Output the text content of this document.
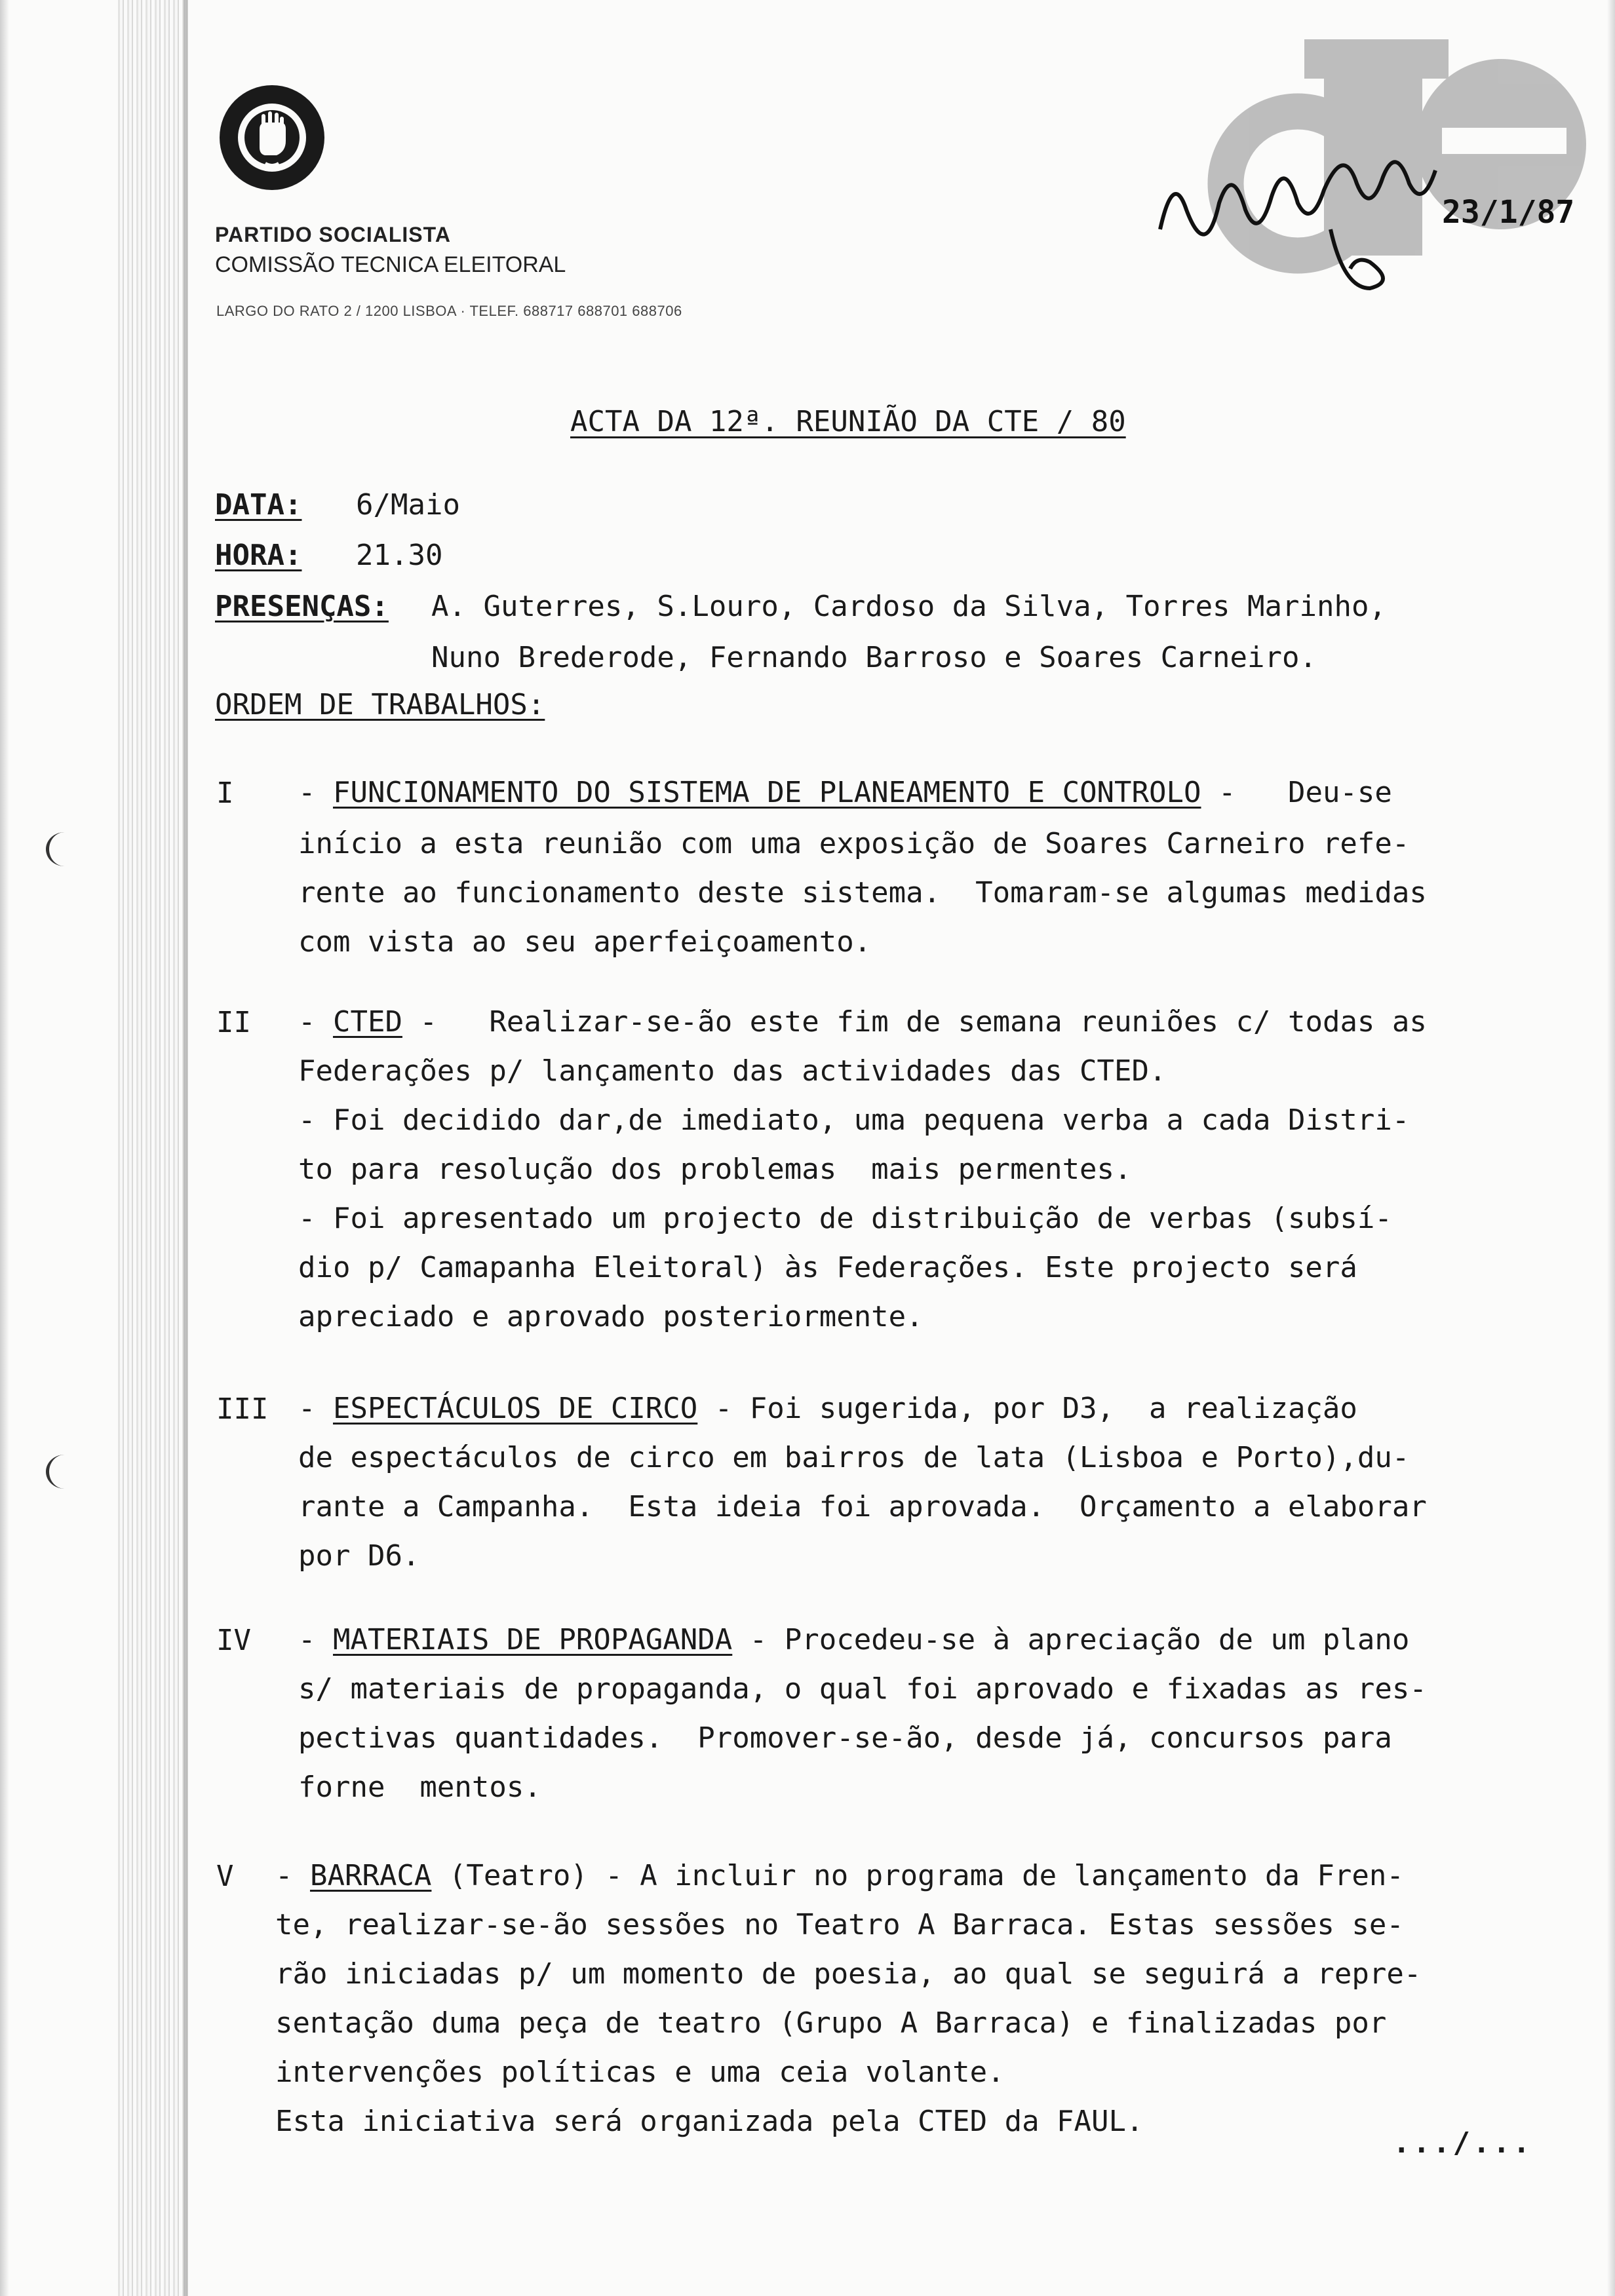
PARTIDO SOCIALISTA
COMISSÃO TECNICA ELEITORAL
LARGO DO RATO 2 / 1200 LISBOA · TELEF. 688717 688701 688706
23/1/87
ACTA DA 12ª. REUNIÃO DA CTE / 80
DATA: 6/Maio
HORA: 21.30
PRESENÇAS: A. Guterres, S.Louro, Cardoso da Silva, Torres Marinho,
Nuno Brederode, Fernando Barroso e Soares Carneiro.
ORDEM DE TRABALHOS:
I - FUNCIONAMENTO DO SISTEMA DE PLANEAMENTO E CONTROLO -   Deu-se
início a esta reunião com uma exposição de Soares Carneiro refe-
rente ao funcionamento deste sistema.  Tomaram-se algumas medidas
com vista ao seu aperfeiçoamento.
II - CTED -   Realizar-se-ão este fim de semana reuniões c/ todas as
Federações p/ lançamento das actividades das CTED.
- Foi decidido dar,de imediato, uma pequena verba a cada Distri-
to para resolução dos problemas  mais permentes.
- Foi apresentado um projecto de distribuição de verbas (subsí-
dio p/ Camapanha Eleitoral) às Federações. Este projecto será
apreciado e aprovado posteriormente.
III - ESPECTÁCULOS DE CIRCO - Foi sugerida, por D3,  a realização
de espectáculos de circo em bairros de lata (Lisboa e Porto),du-
rante a Campanha.  Esta ideia foi aprovada.  Orçamento a elaborar
por D6.
IV - MATERIAIS DE PROPAGANDA - Procedeu-se à apreciação de um plano
s/ materiais de propaganda, o qual foi aprovado e fixadas as res-
pectivas quantidades.  Promover-se-ão, desde já, concursos para
forne  mentos.
V - BARRACA (Teatro) - A incluir no programa de lançamento da Fren-
te, realizar-se-ão sessões no Teatro A Barraca. Estas sessões se-
rão iniciadas p/ um momento de poesia, ao qual se seguirá a repre-
sentação duma peça de teatro (Grupo A Barraca) e finalizadas por
intervenções políticas e uma ceia volante.
Esta iniciativa será organizada pela CTED da FAUL.
.../...
